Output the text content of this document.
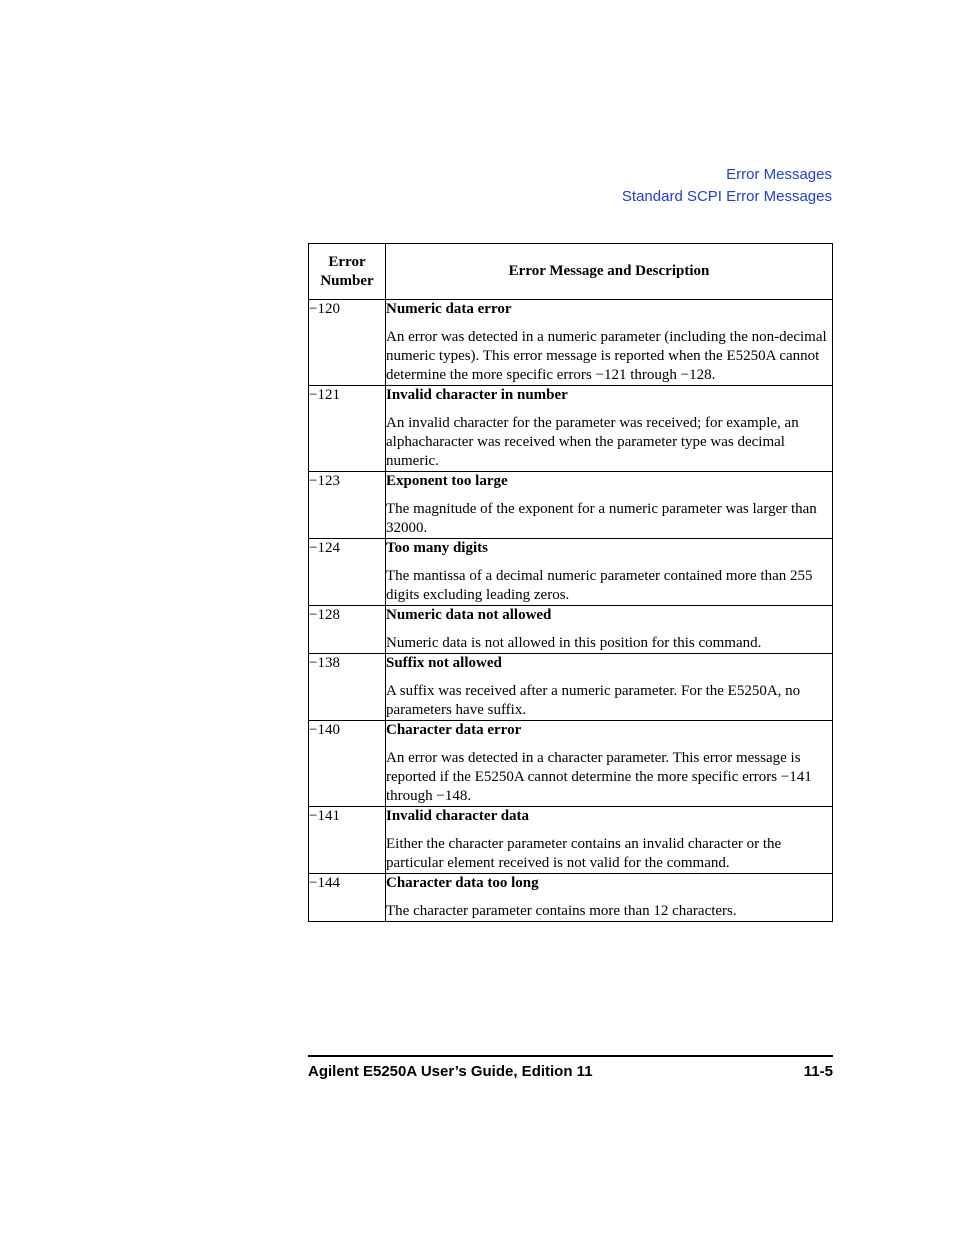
Error Messages
Standard SCPI Error Messages
Error
Number	Error Message and Description
−120	Numeric data error

An error was detected in a numeric parameter (including the non-decimal numeric types). This error message is reported when the E5250A cannot determine the more specific errors −121 through −128.

−121	Invalid character in number

An invalid character for the parameter was received; for example, an alphacharacter was received when the parameter type was decimal numeric.

−123	Exponent too large

The magnitude of the exponent for a numeric parameter was larger than 32000.

−124	Too many digits

The mantissa of a decimal numeric parameter contained more than 255 digits excluding leading zeros.

−128	Numeric data not allowed

Numeric data is not allowed in this position for this command.

−138	Suffix not allowed

A suffix was received after a numeric parameter. For the E5250A, no parameters have suffix.

−140	Character data error

An error was detected in a character parameter. This error message is reported if the E5250A cannot determine the more specific errors −141 through −148.

−141	Invalid character data

Either the character parameter contains an invalid character or the particular element received is not valid for the command.

−144	Character data too long

The character parameter contains more than 12 characters.

Agilent E5250A User’s Guide, Edition 11	11-5
